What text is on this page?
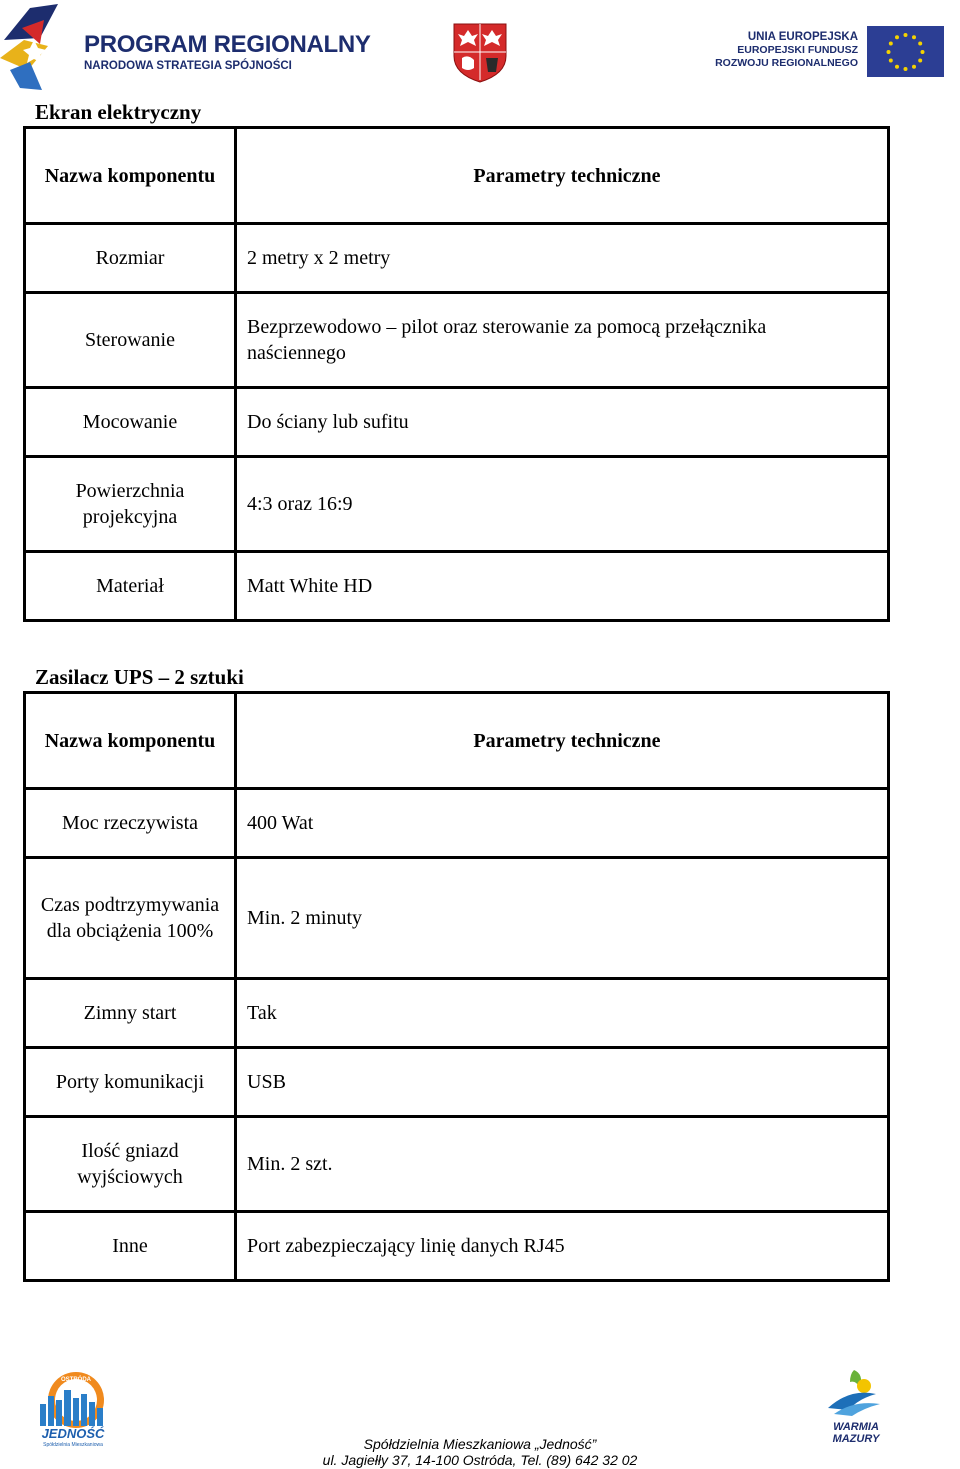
PROGRAM REGIONALNY
NARODOWA STRATEGIA SPÓJNOŚCI
UNIA EUROPEJSKA
EUROPEJSKI FUNDUSZ
ROZWOJU REGIONALNEGO
Ekran elektryczny
Nazwa komponentu	Parametry techniczne
Rozmiar	2 metry x 2 metry
Sterowanie	Bezprzewodowo – pilot oraz sterowanie za pomocą przełącznika naściennego
Mocowanie	Do ściany lub sufitu
Powierzchnia projekcyjna	4:3 oraz 16:9
Materiał	Matt White HD
Zasilacz UPS – 2 sztuki
Nazwa komponentu	Parametry techniczne
Moc rzeczywista	400 Wat
Czas podtrzymywania dla obciążenia 100%	Min. 2 minuty
Zimny start	Tak
Porty komunikacji	USB
Ilość gniazd wyjściowych	Min. 2 szt.
Inne	Port zabezpieczający linię danych RJ45
OSTRÓDA
JEDNOŚĆ
Spółdzielnia Mieszkaniowa
WARMIA
MAZURY
Spółdzielnia Mieszkaniowa „Jedność”
ul. Jagiełły 37, 14-100 Ostróda, Tel. (89) 642 32 02
